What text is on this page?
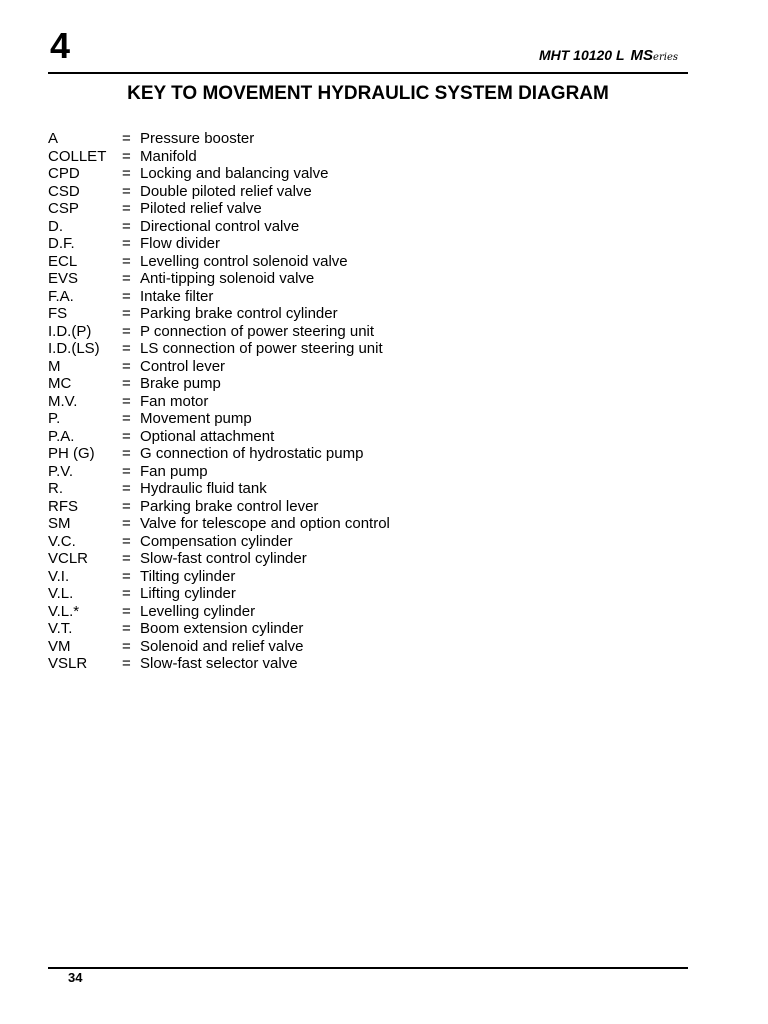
4	MHT 10120 L MSeries
KEY TO MOVEMENT HYDRAULIC SYSTEM DIAGRAM
A	= Pressure booster
COLLET	= Manifold
CPD	= Locking and balancing valve
CSD	= Double piloted relief valve
CSP	= Piloted relief valve
D.	= Directional control valve
D.F.	= Flow divider
ECL	= Levelling control solenoid valve
EVS	= Anti-tipping solenoid valve
F.A.	= Intake filter
FS	= Parking brake control cylinder
I.D.(P)	= P connection of power steering unit
I.D.(LS)	= LS connection of power steering unit
M	= Control lever
MC	= Brake pump
M.V.	= Fan motor
P.	= Movement pump
P.A.	= Optional attachment
PH (G)	= G connection of hydrostatic pump
P.V.	= Fan pump
R.	= Hydraulic fluid tank
RFS	= Parking brake control lever
SM	= Valve for telescope and option control
V.C.	= Compensation cylinder
VCLR	= Slow-fast control cylinder
V.I.	= Tilting cylinder
V.L.	= Lifting cylinder
V.L.*	= Levelling cylinder
V.T.	= Boom extension cylinder
VM	= Solenoid and relief valve
VSLR	= Slow-fast selector valve
34
